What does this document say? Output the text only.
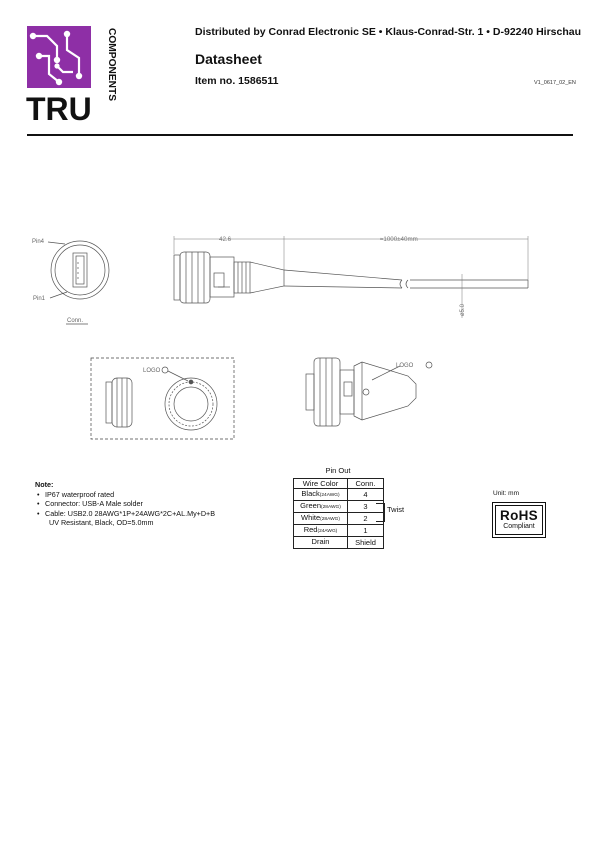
TRU
COMPONENTS	Distributed by Conrad Electronic SE • Klaus-Conrad-Str. 1 • D-92240 Hirschau
Datasheet
Item no. 1586511	V1_0617_02_EN
Pin4
Pin1
Conn.
42.6	≈1000±40mm
ø5.0
LOGO
LOGO
Note:
• IP67 waterproof rated
• Connector: USB-A Male solder
• Cable: USB2.0 28AWG*1P+24AWG*2C+AL.My+D+B
UV Resistant, Black, OD=5.0mm
Pin Out
Wire Color	Conn.
Black(24AWG)	4
Green(28AWG)	3
White(28AWG)	2
Red(24AWG)	1
Drain	Shield
Twist
Unit: mm
RoHS
Compliant
